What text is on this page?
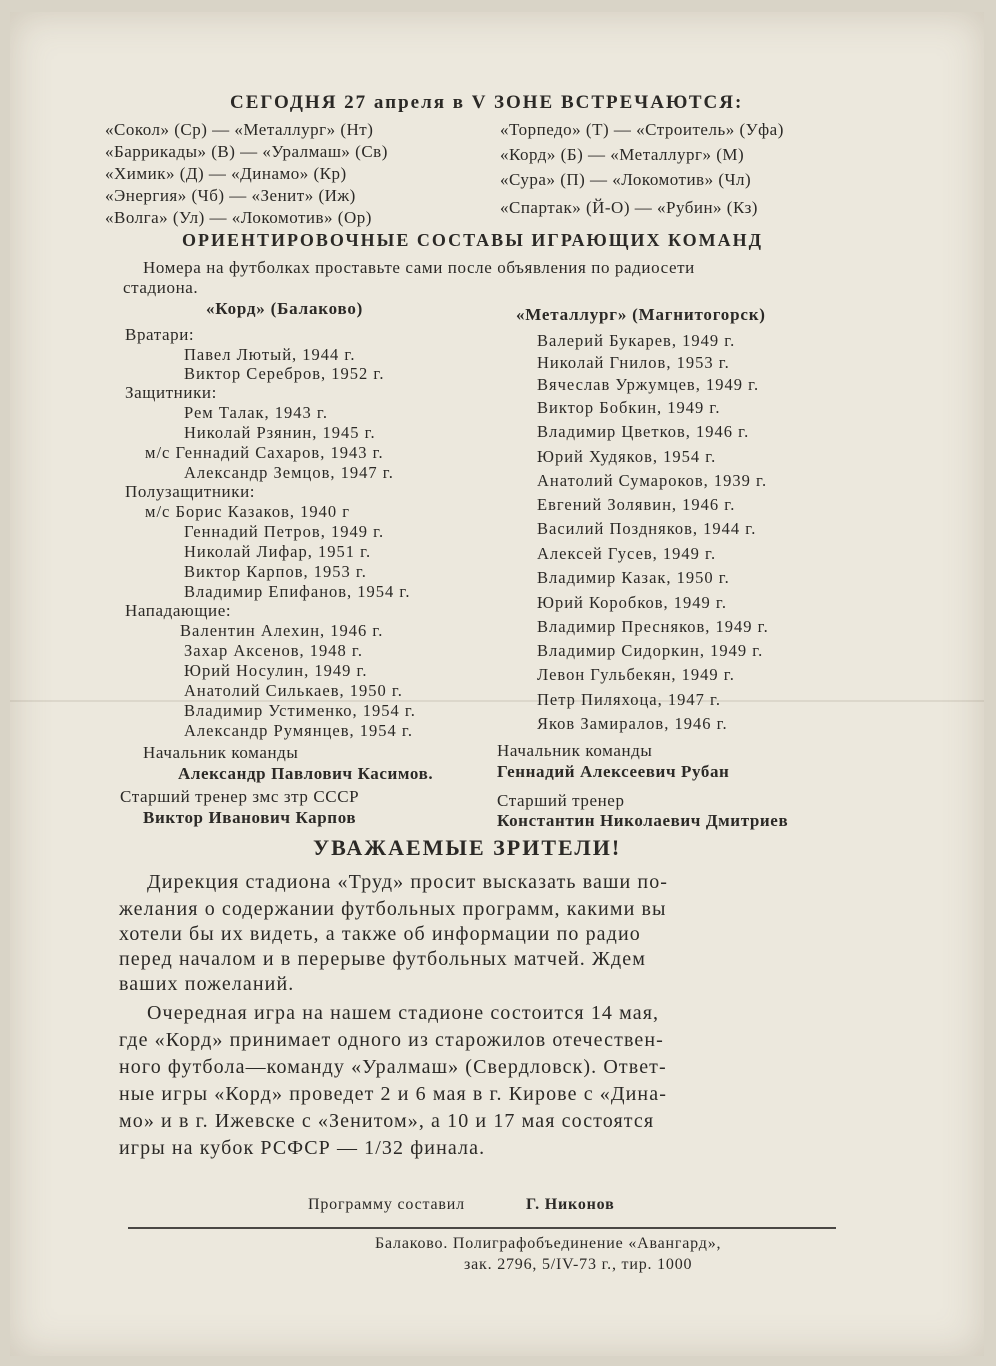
СЕГОДНЯ 27 апреля в V ЗОНЕ ВСТРЕЧАЮТСЯ:
«Сокол» (Ср) — «Металлург» (Нт)
«Баррикады» (В) — «Уралмаш» (Св)
«Химик» (Д) — «Динамо» (Кр)
«Энергия» (Чб) — «Зенит» (Иж)
«Волга» (Ул) — «Локомотив» (Ор)
«Торпедо» (Т) — «Строитель» (Уфа)
«Корд» (Б) — «Металлург» (М)
«Сура» (П) — «Локомотив» (Чл)
«Спартак» (Й-О) — «Рубин» (Кз)
ОРИЕНТИРОВОЧНЫЕ СОСТАВЫ ИГРАЮЩИХ КОМАНД
Номера на футболках проставьте сами после объявления по радиосети
стадиона.
«Корд» (Балаково)
Вратари:
Павел Лютый, 1944 г.
Виктор Серебров, 1952 г.
Защитники:
Рем Талак, 1943 г.
Николай Рзянин, 1945 г.
м/с Геннадий Сахаров, 1943 г.
Александр Земцов, 1947 г.
Полузащитники:
м/с Борис Казаков, 1940 г
Геннадий Петров, 1949 г.
Николай Лифар, 1951 г.
Виктор Карпов, 1953 г.
Владимир Епифанов, 1954 г.
Нападающие:
Валентин Алехин, 1946 г.
Захар Аксенов, 1948 г.
Юрий Носулин, 1949 г.
Анатолий Силькаев, 1950 г.
Владимир Устименко, 1954 г.
Александр Румянцев, 1954 г.
Начальник команды
Александр Павлович Касимов.
Старший тренер змс зтр СССР
Виктор Иванович Карпов
«Металлург» (Магнитогорск)
Валерий Букарев, 1949 г.
Николай Гнилов, 1953 г.
Вячеслав Уржумцев, 1949 г.
Виктор Бобкин, 1949 г.
Владимир Цветков, 1946 г.
Юрий Худяков, 1954 г.
Анатолий Сумароков, 1939 г.
Евгений Золявин, 1946 г.
Василий Поздняков, 1944 г.
Алексей Гусев, 1949 г.
Владимир Казак, 1950 г.
Юрий Коробков, 1949 г.
Владимир Пресняков, 1949 г.
Владимир Сидоркин, 1949 г.
Левон Гульбекян, 1949 г.
Петр Пиляхоца, 1947 г.
Яков Замиралов, 1946 г.
Начальник команды
Геннадий Алексеевич Рубан
Старший тренер
Константин Николаевич Дмитриев
УВАЖАЕМЫЕ ЗРИТЕЛИ!
Дирекция стадиона «Труд» просит высказать ваши по-
желания о содержании футбольных программ, какими вы
хотели бы их видеть, а также об информации по радио
перед началом и в перерыве футбольных матчей. Ждем
ваших пожеланий.
Очередная игра на нашем стадионе состоится 14 мая,
где «Корд» принимает одного из старожилов отечествен-
ного футбола—команду «Уралмаш» (Свердловск). Ответ-
ные игры «Корд» проведет 2 и 6 мая в г. Кирове с «Дина-
мо» и в г. Ижевске с «Зенитом», а 10 и 17 мая состоятся
игры на кубок РСФСР — 1/32 финала.
Программу составил	Г. Никонов
Балаково. Полиграфобъединение «Авангард»,
зак. 2796, 5/IV-73 г., тир. 1000
